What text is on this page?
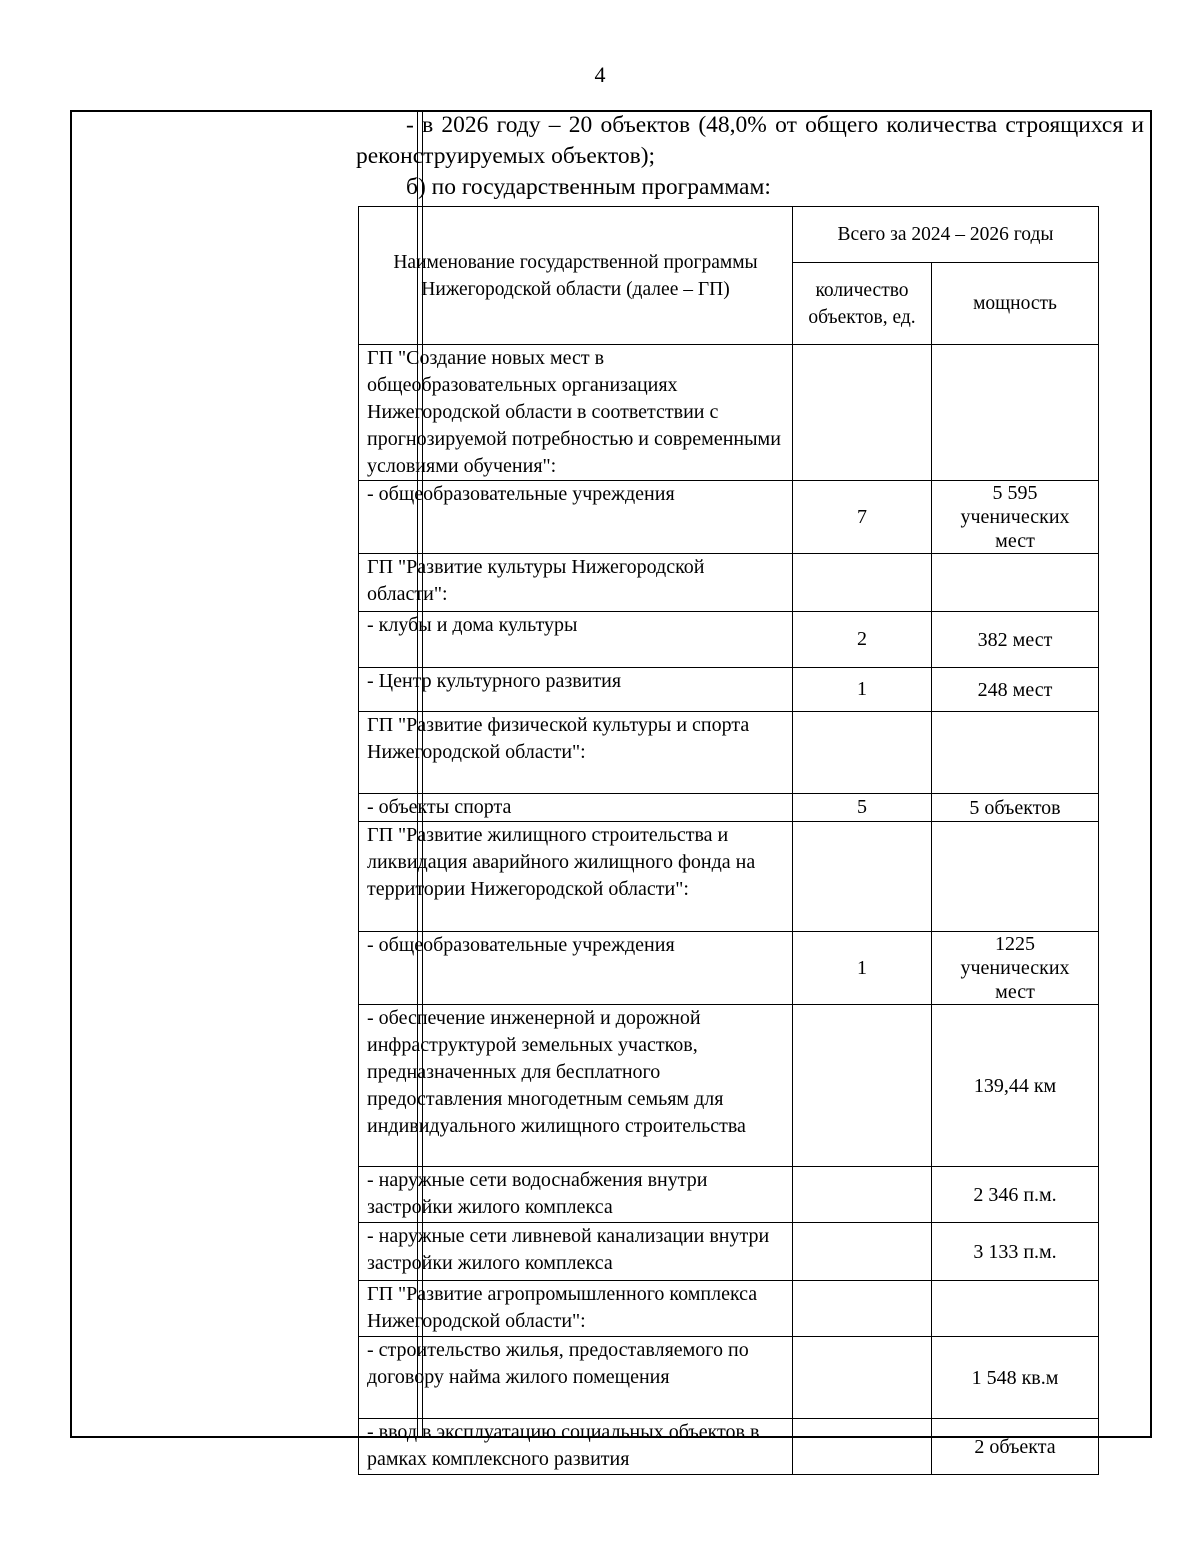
4

- в 2026 году – 20 объектов (48,0% от общего количества строящихся и реконструируемых объектов);

б) по государственным программам:

Наименование государственной программы Нижегородской области (далее – ГП)	Всего за 2024 – 2026 годы	
	количество объектов, ед.	мощность
ГП "Создание новых мест в общеобразовательных организациях Нижегородской области в соответствии с прогнозируемой потребностью и современными условиями обучения":		
- общеобразовательные учреждения	7	5 595 ученических мест
ГП "Развитие культуры Нижегородской области":		
- клубы и дома культуры	2	382 мест
- Центр культурного развития	1	248 мест
ГП "Развитие физической культуры и спорта Нижегородской области":		
- объекты спорта	5	5 объектов
ГП "Развитие жилищного строительства и ликвидация аварийного жилищного фонда на территории Нижегородской области":		
- общеобразовательные учреждения	1	1225 ученических мест
- обеспечение инженерной и дорожной инфраструктурой земельных участков, предназначенных для бесплатного предоставления многодетным семьям для индивидуального жилищного строительства		139,44 км
- наружные сети водоснабжения внутри застройки жилого комплекса		2 346 п.м.
- наружные сети ливневой канализации внутри застройки жилого комплекса		3 133 п.м.
ГП "Развитие агропромышленного комплекса Нижегородской области":		
- строительство жилья, предоставляемого по договору найма жилого помещения		1 548 кв.м
- ввод в эксплуатацию социальных объектов в рамках комплексного развития		2 объекта
